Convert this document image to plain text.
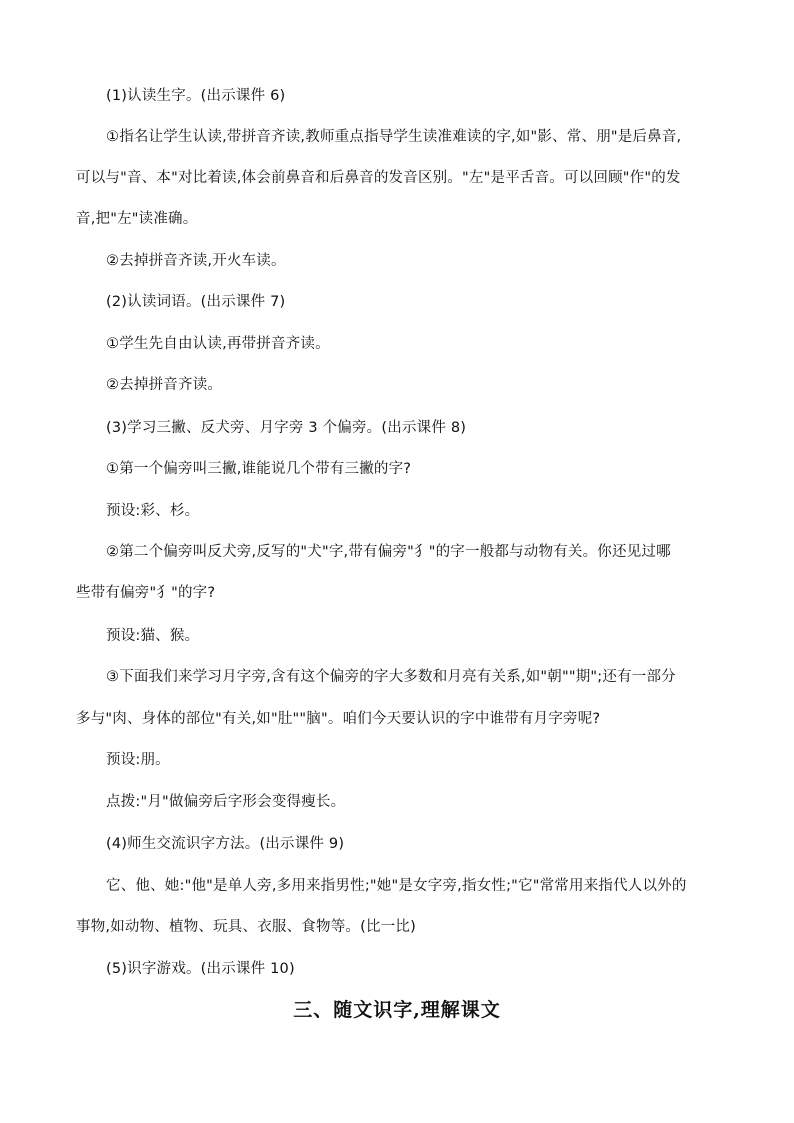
(1)认读生字。(出示课件 6)
①指名让学生认读,带拼音齐读,教师重点指导学生读准难读的字,如"影、常、朋"是后鼻音,
可以与"音、本"对比着读,体会前鼻音和后鼻音的发音区别。"左"是平舌音。可以回顾"作"的发
音,把"左"读准确。
②去掉拼音齐读,开火车读。
(2)认读词语。(出示课件 7)
①学生先自由认读,再带拼音齐读。
②去掉拼音齐读。
(3)学习三撇、反犬旁、月字旁 3 个偏旁。(出示课件 8)
①第一个偏旁叫三撇,谁能说几个带有三撇的字?
预设:彩、杉。
②第二个偏旁叫反犬旁,反写的"犬"字,带有偏旁"犭"的字一般都与动物有关。你还见过哪
些带有偏旁"犭"的字?
预设:猫、猴。
③下面我们来学习月字旁,含有这个偏旁的字大多数和月亮有关系,如"朝""期";还有一部分
多与"肉、身体的部位"有关,如"肚""脑"。咱们今天要认识的字中谁带有月字旁呢?
预设:朋。
点拨:"月"做偏旁后字形会变得瘦长。
(4)师生交流识字方法。(出示课件 9)
它、他、她:"他"是单人旁,多用来指男性;"她"是女字旁,指女性;"它"常常用来指代人以外的
事物,如动物、植物、玩具、衣服、食物等。(比一比)
(5)识字游戏。(出示课件 10)
三、随文识字,理解课文
